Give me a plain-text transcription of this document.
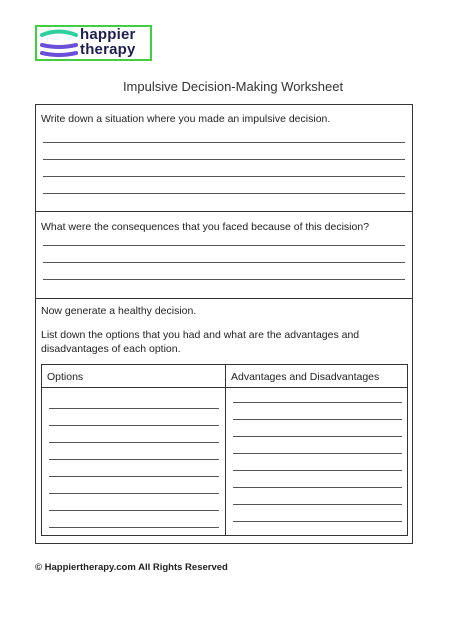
happier
therapy
Impulsive Decision-Making Worksheet
Write down a situation where you made an impulsive decision.
What were the consequences that you faced because of this decision?
Now generate a healthy decision.
List down the options that you had and what are the advantages and
disadvantages of each option.
Options	Advantages and Disadvantages
© Happiertherapy.com All Rights Reserved
